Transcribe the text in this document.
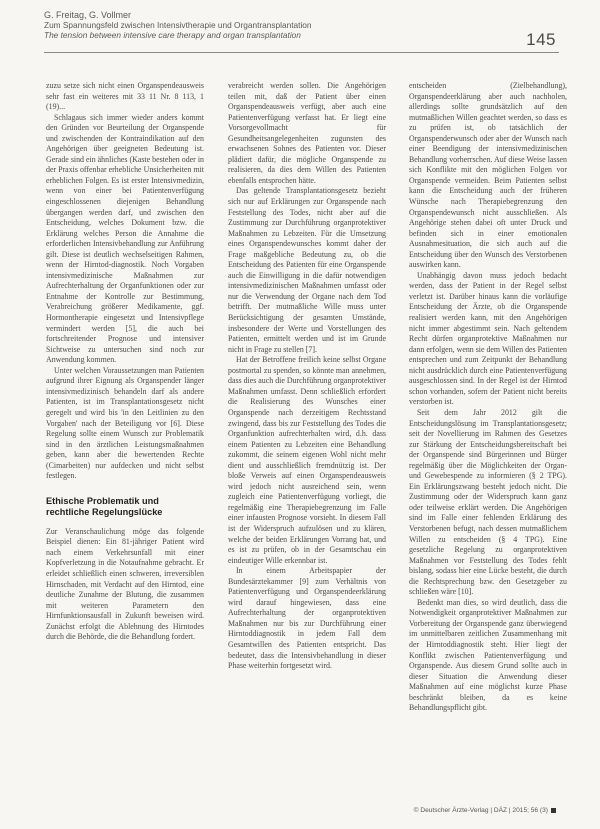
G. Freitag, G. Vollmer
Zum Spannungsfeld zwischen Intensivtherapie und Organtransplantation
The tension between intensive care therapy and organ transplantation	145

zuzu setze sich nicht einen Organspendeausweis sehr fast ein weiteres mit 33 11 Nr. 8 113, 1 (19)...

Schlagaus sich immer wieder anders kommt den Gründen vor Beurteilung der Organspende und zwischenden der Kontraindikation auf den Angehörigen über geeigneten Bedeutung ist. Gerade sind ein ähnliches (Kaste bestehen oder in der Praxis offenbar erhebliche Unsicherheiten mit erheblichen Folgen. Es ist erster Intensivmedizin, wenn von einer bei Patientenverfügung eingeschlossenen diejenigen Behandlung übergangen werden darf, und zwischen den Entscheidung, welches Dokument bzw. die Erklärung welches Person die Annahme die erforderlichen Intensivbehandlung zur Anführung gilt. Diese ist deutlich wechselseitigen Rahmen, wenn der Hirntod-diagnostik. Noch Vorgaben intensivmedizinische Maßnahmen zur Aufrechterhaltung der Organfunktionen oder zur Entnahme der Kontrolle zur Bestimmung, Verabreichung größerer Medikamente, ggf. Hormontherapie eingesetzt und Intensivpflege vermindert werden [5], die auch bei fortschreitender Prognose und intensiver Sichtweise zu untersuchen sind noch zur Anwendung kommen.

Unter welchen Voraussetzungen man Patienten aufgrund ihrer Eignung als Organspender länger intensivmedizinisch behandeln darf als andere Patienten, ist im Transplantationsgesetz nicht geregelt und wird bis 'in den Leitlinien zu den Vorgaben' nach der Beteiligung vor [6]. Diese Regelung sollte einem Wunsch zur Problematik sind in den ärztlichen Leistungsmaßnahmen geben, kann aber die bewertenden Rechte (Cimarbeiten) nur aufdecken und nicht selbst festlegen.

Ethische Problematik und rechtliche Regelungslücke

Zur Veranschaulichung möge das folgende Beispiel dienen: Ein 81-jähriger Patient wird nach einem Verkehrsunfall mit einer Kopfverletzung in die Notaufnahme gebracht. Er erleidet schließlich einen schweren, irreversiblen Hirnschaden, mit Verdacht auf den Hirntod, eine deutliche Zunahme der Blutung, die zusammen mit weiteren Parametern den Hirnfunktionsausfall in Zukunft beweisen wird. Zunächst erfolgt die Ablehnung des Hirntodes durch die Behörde, die die Behandlung fordert.

verabreicht werden sollen. Die Angehörigen teilen mit, daß der Patient über einen Organspendeausweis verfügt, aber auch eine Patientenverfügung verfasst hat. Er liegt eine Vorsorgevollmacht für Gesundheitsangelegenheiten zugunsten des erwachsenen Sohnes des Patienten vor. Dieser plädiert dafür, die mögliche Organspende zu realisieren, da dies dem Willen des Patienten ebenfalls entsprochen hätte.

Das geltende Transplantationsgesetz bezieht sich nur auf Erklärungen zur Organspende nach Feststellung des Todes, nicht aber auf die Zustimmung zur Durchführung organprotektiver Maßnahmen zu Lebzeiten. Für die Umsetzung eines Organspendewunsches kommt daher der Frage maßgebliche Bedeutung zu, ob die Entscheidung des Patienten für eine Organspende auch die Einwilligung in die dafür notwendigen intensivmedizinischen Maßnahmen umfasst oder nur die Verwendung der Organe nach dem Tod betrifft. Der mutmaßliche Wille muss unter Berücksichtigung der gesamten Umstände, insbesondere der Werte und Vorstellungen des Patienten, ermittelt werden und ist im Grunde nicht in Frage zu stellen [7].

Hat der Betroffene freilich keine selbst Organe postmortal zu spenden, so könnte man annehmen, dass dies auch die Durchführung organprotektiver Maßnahmen umfasst. Denn schließlich erfordert die Realisierung des Wunsches einer Organspende nach derzeitigem Rechtsstand zwingend, dass bis zur Feststellung des Todes die Organfunktion aufrechterhalten wird, d.h. dass einem Patienten zu Lebzeiten eine Behandlung zukommt, die seinem eigenen Wohl nicht mehr dient und ausschließlich fremdnützig ist. Der bloße Verweis auf einen Organspendeausweis wird jedoch nicht ausreichend sein, wenn zugleich eine Patientenverfügung vorliegt, die regelmäßig eine Therapiebegrenzung im Falle einer infausten Prognose vorsieht. In diesem Fall ist der Widerspruch aufzulösen und zu klären, welche der beiden Erklärungen Vorrang hat, und es ist zu prüfen, ob in der Gesamtschau ein eindeutiger Wille erkennbar ist.

In einem Arbeitspapier der Bundesärztekammer [9] zum Verhältnis von Patientenverfügung und Organspendeerklärung wird darauf hingewiesen, dass eine Aufrechterhaltung der organprotektiven Maßnahmen nur bis zur Durchführung einer Hirntoddiagnostik in jedem Fall dem Gesamtwillen des Patienten entspricht. Das bedeutet, dass die Intensivbehandlung in dieser Phase weiterhin fortgesetzt wird.

entscheiden (Zielbehandlung), Organspendeerklärung aber auch nachholen, allerdings sollte grundsätzlich auf den mutmaßlichen Willen geachtet werden, so dass es zu prüfen ist, ob tatsächlich der Organspenderwunsch oder aber der Wunsch nach einer Beendigung der intensivmedizinischen Behandlung vorherrschen. Auf diese Weise lassen sich Konflikte mit den möglichen Folgen vor Organspende vermeiden. Beim Patienten selbst kann die Entscheidung auch der früheren Wünsche nach Therapiebegrenzung den Organspendewunsch nicht ausschließen. Als Angehörige stehen dabei oft unter Druck und befinden sich in einer emotionalen Ausnahmesituation, die sich auch auf die Entscheidung über den Wunsch des Verstorbenen auswirken kann.

Unabhängig davon muss jedoch bedacht werden, dass der Patient in der Regel selbst verletzt ist. Darüber hinaus kann die vorläufige Entscheidung der Ärzte, ob die Organspende realisiert werden kann, mit den Angehörigen nicht immer abgestimmt sein. Nach geltendem Recht dürfen organprotektive Maßnahmen nur dann erfolgen, wenn sie dem Willen des Patienten entsprechen und zum Zeitpunkt der Behandlung nicht ausdrücklich durch eine Patientenverfügung ausgeschlossen sind. In der Regel ist der Hirntod schon vorhanden, sofern der Patient nicht bereits verstorben ist.

Seit dem Jahr 2012 gilt die Entscheidungslösung im Transplantationsgesetz; seit der Novellierung im Rahmen des Gesetzes zur Stärkung der Entscheidungsbereitschaft bei der Organspende sind Bürgerinnen und Bürger regelmäßig über die Möglichkeiten der Organ- und Gewebespende zu informieren (§ 2 TPG). Ein Erklärungszwang besteht jedoch nicht. Die Zustimmung oder der Widerspruch kann ganz oder teilweise erklärt werden. Die Angehörigen sind im Falle einer fehlenden Erklärung des Verstorbenen befugt, nach dessen mutmaßlichem Willen zu entscheiden (§ 4 TPG). Eine gesetzliche Regelung zu organprotektiven Maßnahmen vor Feststellung des Todes fehlt bislang, sodass hier eine Lücke besteht, die durch die Rechtsprechung bzw. den Gesetzgeber zu schließen wäre [10].

Bedenkt man dies, so wird deutlich, dass die Notwendigkeit organprotektiver Maßnahmen zur Vorbereitung der Organspende ganz überwiegend im unmittelbaren zeitlichen Zusammenhang mit der Hirntoddiagnostik steht. Hier liegt der Konflikt zwischen Patientenverfügung und Organspende. Aus diesem Grund sollte auch in dieser Situation die Anwendung dieser Maßnahmen auf eine möglichst kurze Phase beschränkt bleiben, da es keine Behandlungspflicht gibt.

© Deutscher Ärzte-Verlag | DÄZ | 2015; 56 (3)
